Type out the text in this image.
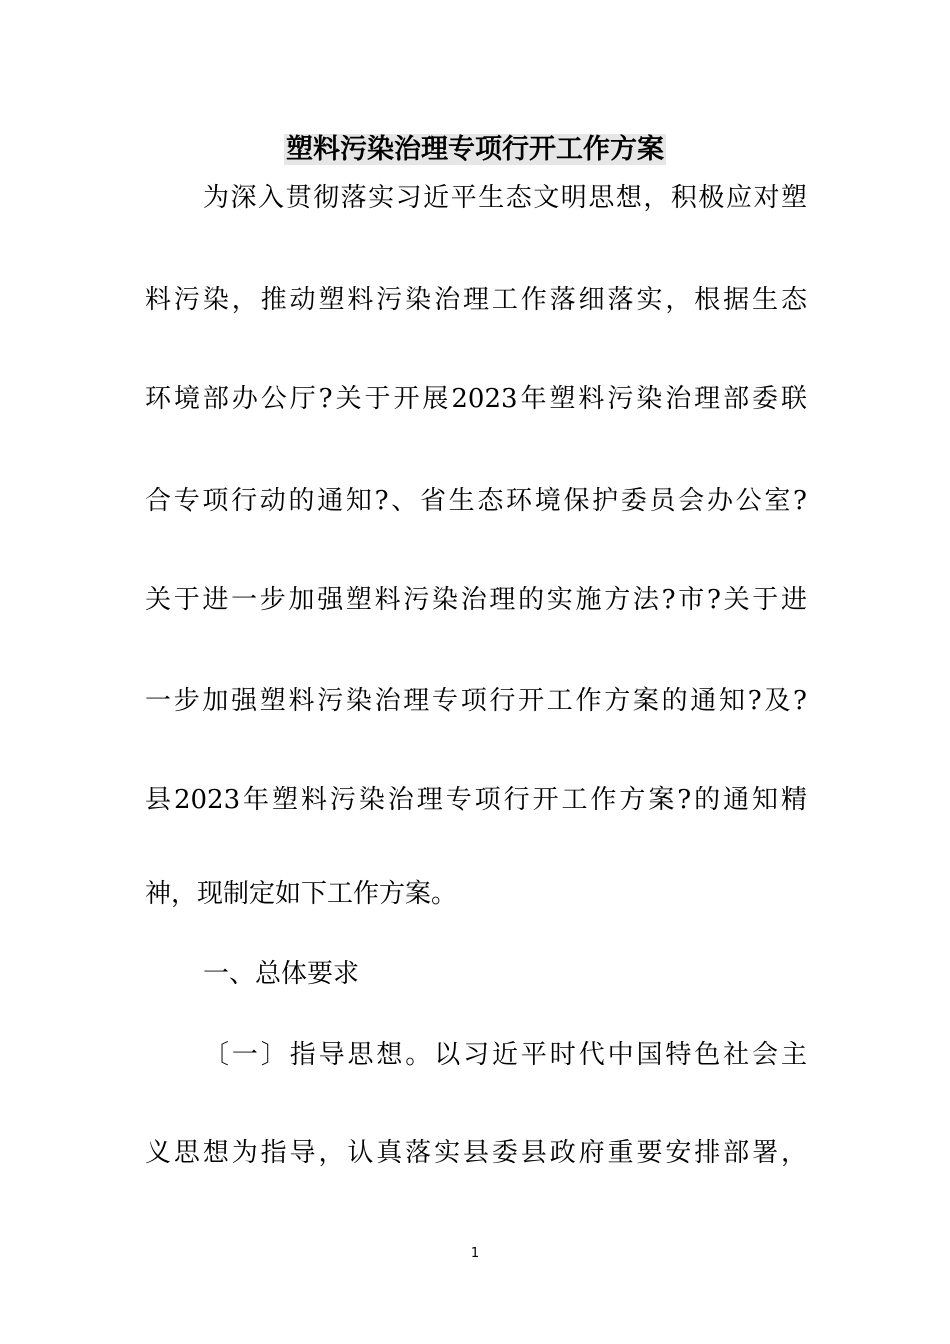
塑料污染治理专项行开工作方案
为深入贯彻落实习近平生态文明思想，积极应对塑
料污染，推动塑料污染治理工作落细落实，根据生态
环境部办公厅?关于开展2023年塑料污染治理部委联
合专项行动的通知?、省生态环境保护委员会办公室?
关于进一步加强塑料污染治理的实施方法?市?关于进
一步加强塑料污染治理专项行开工作方案的通知?及?
县2023年塑料污染治理专项行开工作方案?的通知精
神，现制定如下工作方案。
一、总体要求
〔一〕指导思想。以习近平时代中国特色社会主
义思想为指导，认真落实县委县政府重要安排部署，
1
